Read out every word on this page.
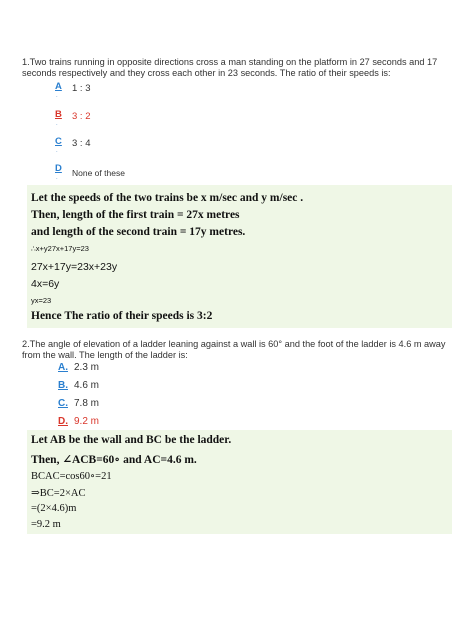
1.Two trains running in opposite directions cross a man standing on the platform in 27 seconds and 17 seconds respectively and they cross each other in 23 seconds. The ratio of their speeds is:
A
.
1 : 3
B
.
3 : 2
C
.
3 : 4
D
. None of these
Let the speeds of the two trains be x m/sec and y m/sec .
Then, length of the first train = 27x metres
and length of the second train = 17y metres.
∴x+y27x+17y=23
27x+17y=23x+23y
4x=6y
yx=23
Hence The ratio of their speeds is 3:2
2.The angle of elevation of a ladder leaning against a wall is 60° and the foot of the ladder is 4.6 m away from the wall. The length of the ladder is:
A. 2.3 m
B. 4.6 m
C. 7.8 m
D. 9.2 m
Let AB be the wall and BC be the ladder.
Then, ∠ACB=60∘ and AC=4.6 m.
BCAC=cos60∘=21
⇒BC=2×AC
=(2×4.6)m
=9.2 m
